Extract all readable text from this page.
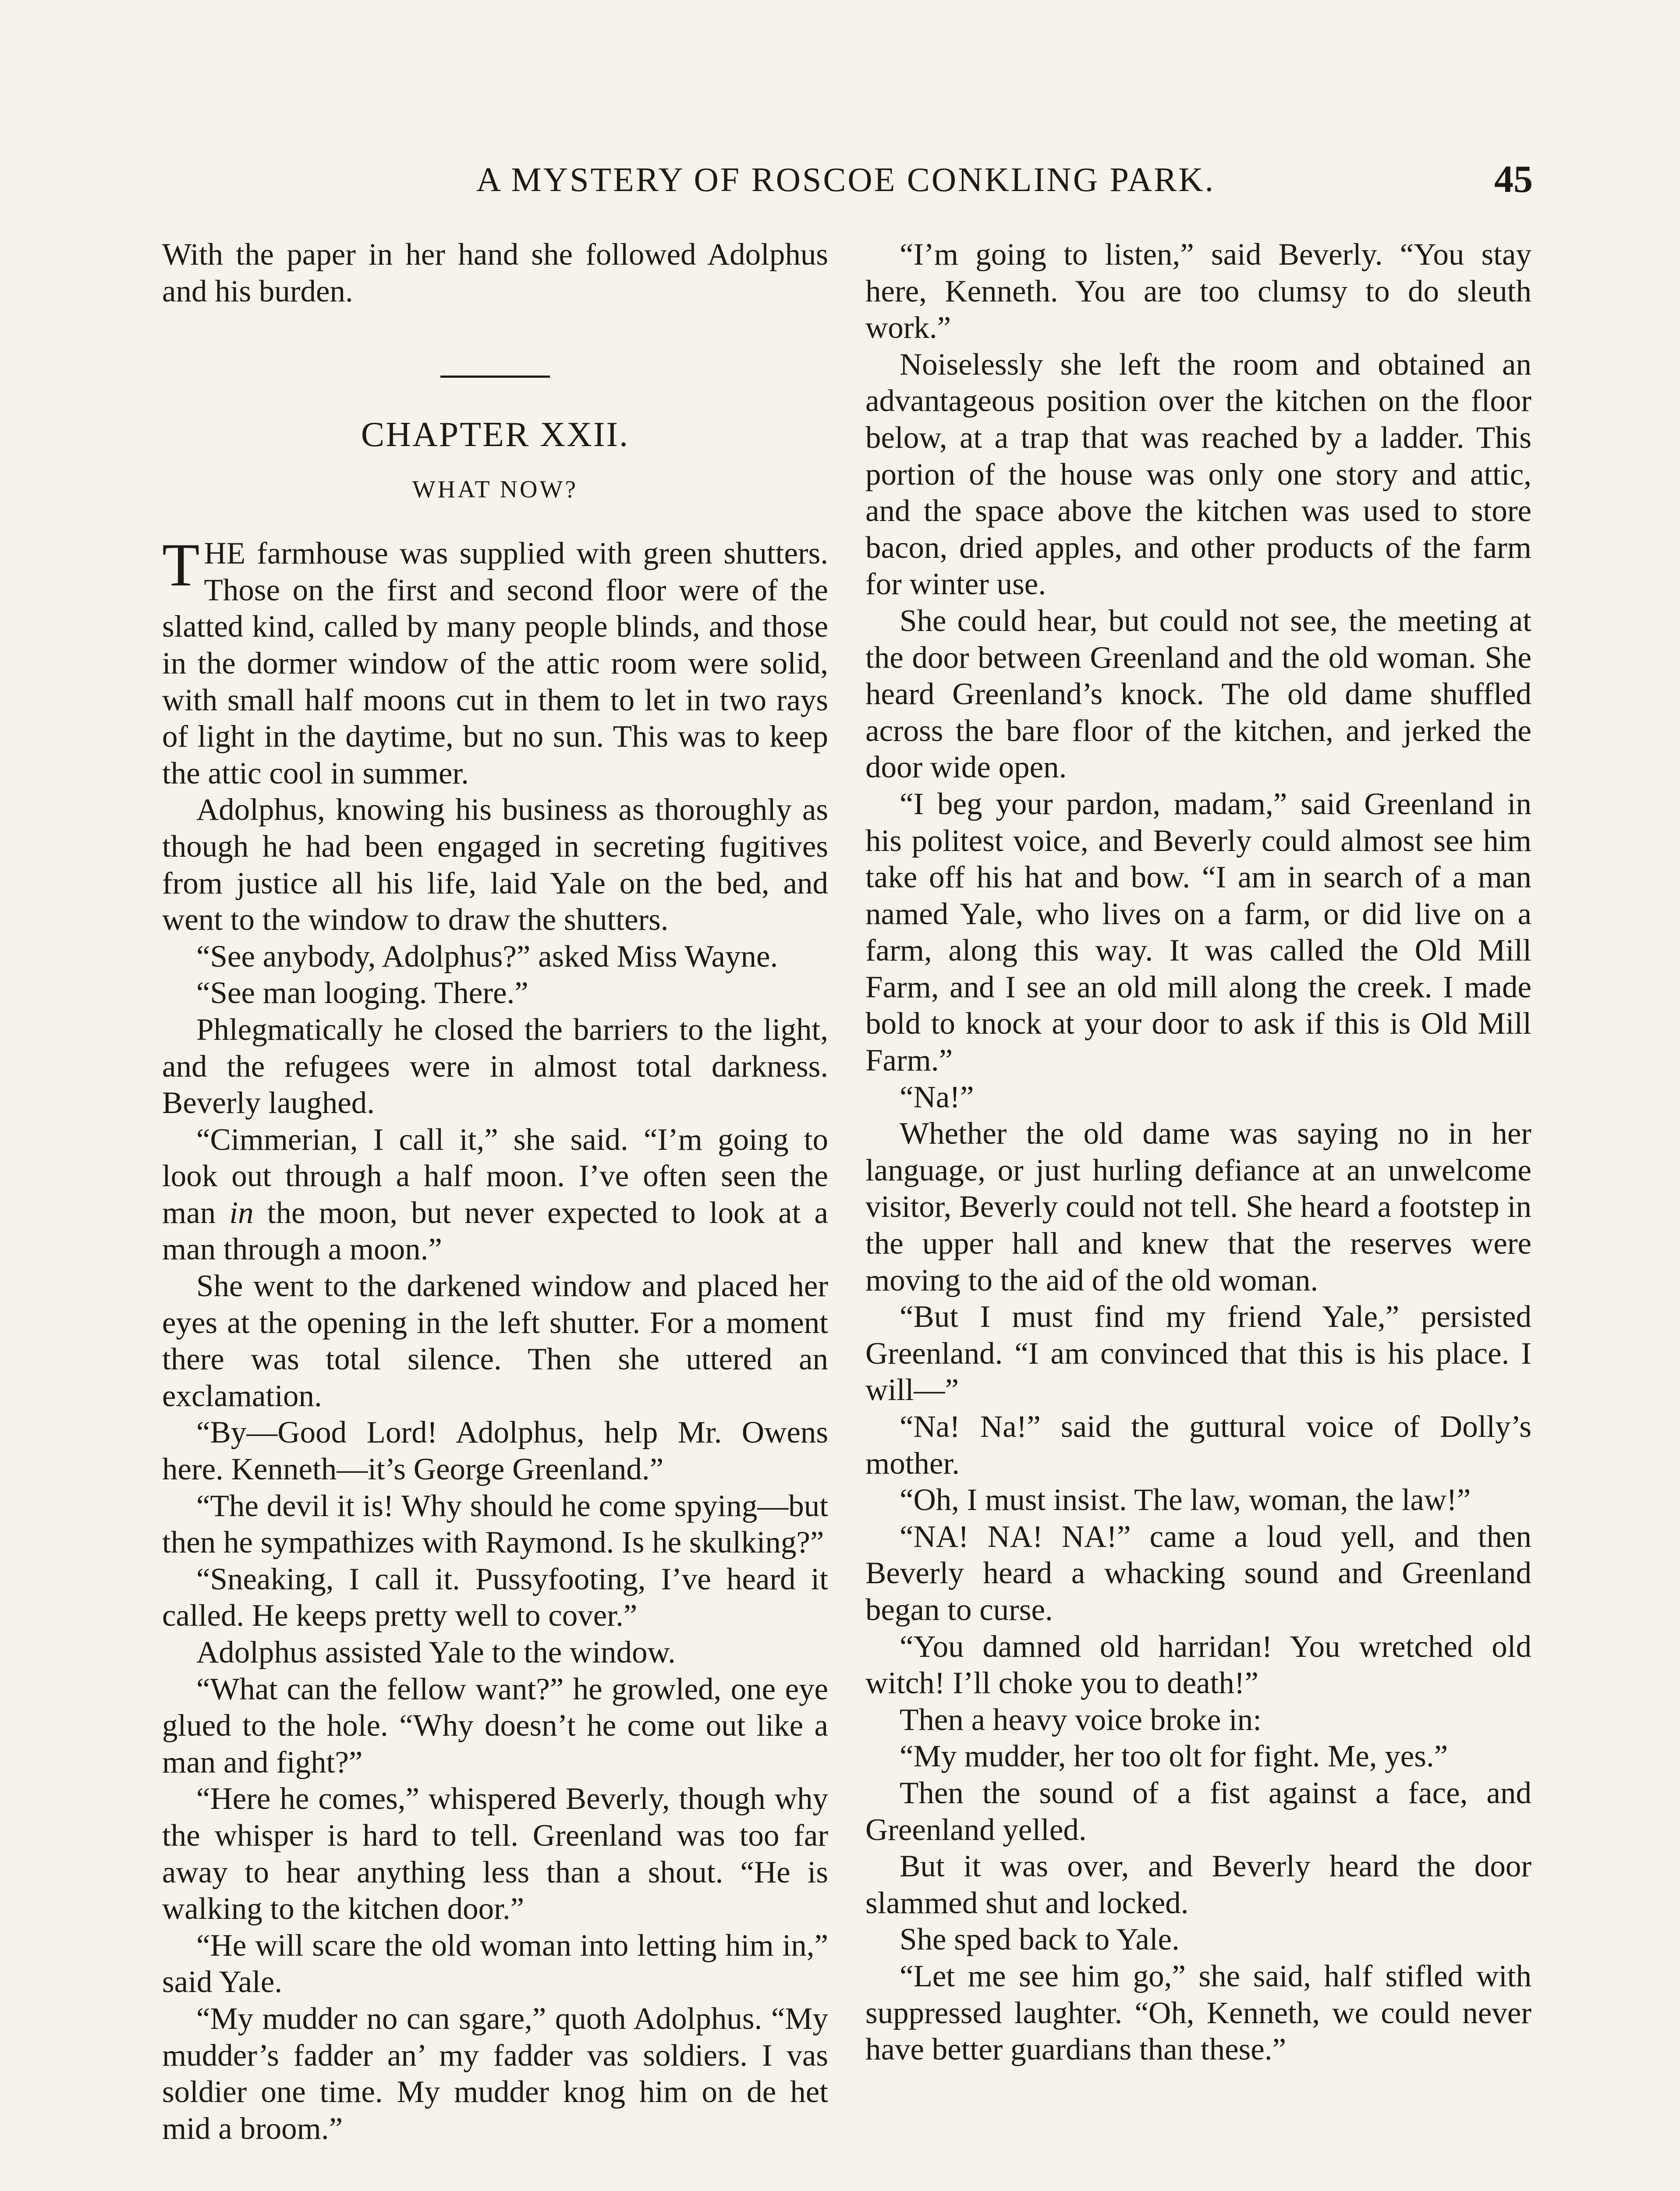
A MYSTERY OF ROSCOE CONKLING PARK.	45

With the paper in her hand she followed Adolphus and his burden.

CHAPTER XXII.
WHAT NOW?

THE farmhouse was supplied with green shutters. Those on the first and second floor were of the slatted kind, called by many people blinds, and those in the dormer window of the attic room were solid, with small half moons cut in them to let in two rays of light in the daytime, but no sun. This was to keep the attic cool in summer.

Adolphus, knowing his business as thoroughly as though he had been engaged in secreting fugitives from justice all his life, laid Yale on the bed, and went to the window to draw the shutters.

“See anybody, Adolphus?” asked Miss Wayne.

“See man looging. There.”

Phlegmatically he closed the barriers to the light, and the refugees were in almost total darkness. Beverly laughed.

“Cimmerian, I call it,” she said. “I’m going to look out through a half moon. I’ve often seen the man in the moon, but never expected to look at a man through a moon.”

She went to the darkened window and placed her eyes at the opening in the left shutter. For a moment there was total silence. Then she uttered an exclamation.

“By—Good Lord! Adolphus, help Mr. Owens here. Kenneth—it’s George Greenland.”

“The devil it is! Why should he come spying—but then he sympathizes with Raymond. Is he skulking?”

“Sneaking, I call it. Pussyfooting, I’ve heard it called. He keeps pretty well to cover.”

Adolphus assisted Yale to the window.

“What can the fellow want?” he growled, one eye glued to the hole. “Why doesn’t he come out like a man and fight?”

“Here he comes,” whispered Beverly, though why the whisper is hard to tell. Greenland was too far away to hear anything less than a shout. “He is walking to the kitchen door.”

“He will scare the old woman into letting him in,” said Yale.

“My mudder no can sgare,” quoth Adolphus. “My mudder’s fadder an’ my fadder vas soldiers. I vas soldier one time. My mudder knog him on de het mid a broom.”

“I’m going to listen,” said Beverly. “You stay here, Kenneth. You are too clumsy to do sleuth work.”

Noiselessly she left the room and obtained an advantageous position over the kitchen on the floor below, at a trap that was reached by a ladder. This portion of the house was only one story and attic, and the space above the kitchen was used to store bacon, dried apples, and other products of the farm for winter use.

She could hear, but could not see, the meeting at the door between Greenland and the old woman. She heard Greenland’s knock. The old dame shuffled across the bare floor of the kitchen, and jerked the door wide open.

“I beg your pardon, madam,” said Greenland in his politest voice, and Beverly could almost see him take off his hat and bow. “I am in search of a man named Yale, who lives on a farm, or did live on a farm, along this way. It was called the Old Mill Farm, and I see an old mill along the creek. I made bold to knock at your door to ask if this is Old Mill Farm.”

“Na!”

Whether the old dame was saying no in her language, or just hurling defiance at an unwelcome visitor, Beverly could not tell. She heard a footstep in the upper hall and knew that the reserves were moving to the aid of the old woman.

“But I must find my friend Yale,” persisted Greenland. “I am convinced that this is his place. I will—”

“Na! Na!” said the guttural voice of Dolly’s mother.

“Oh, I must insist. The law, woman, the law!”

“NA! NA! NA!” came a loud yell, and then Beverly heard a whacking sound and Greenland began to curse.

“You damned old harridan! You wretched old witch! I’ll choke you to death!”

Then a heavy voice broke in:

“My mudder, her too olt for fight. Me, yes.”

Then the sound of a fist against a face, and Greenland yelled.

But it was over, and Beverly heard the door slammed shut and locked.

She sped back to Yale.

“Let me see him go,” she said, half stifled with suppressed laughter. “Oh, Kenneth, we could never have better guardians than these.”
